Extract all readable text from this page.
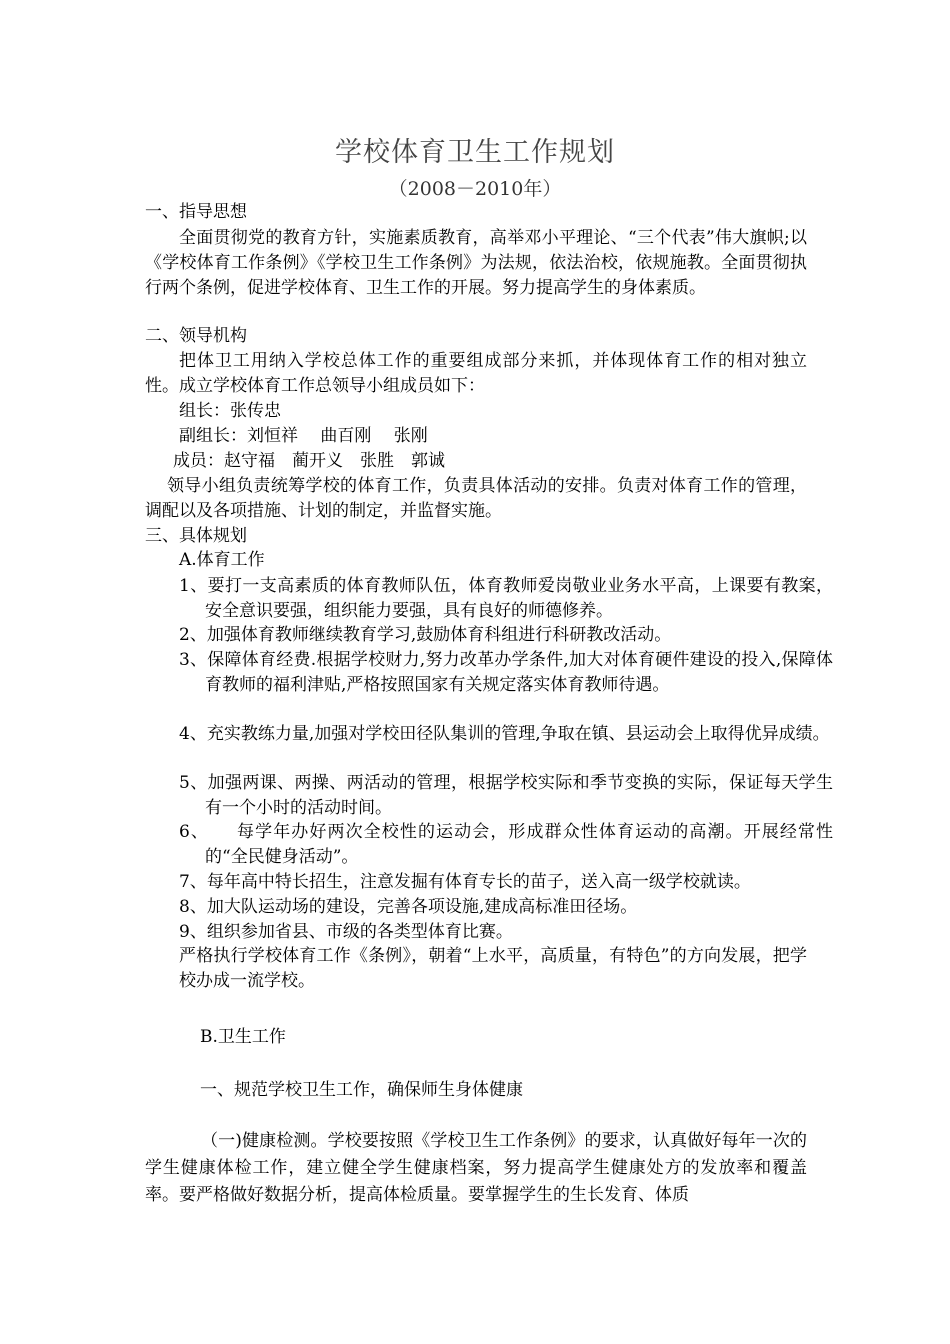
学校体育卫生工作规划
（2008－2010年）
一、指导思想
全面贯彻党的教育方针，实施素质教育，高举邓小平理论、“三个代表”伟大旗帜;以《学校体育工作条例》《学校卫生工作条例》为法规，依法治校，依规施教。全面贯彻执行两个条例，促进学校体育、卫生工作的开展。努力提高学生的身体素质。
二、领导机构
把体卫工用纳入学校总体工作的重要组成部分来抓，并体现体育工作的相对独立性。成立学校体育工作总领导小组成员如下：
组长：张传忠
副组长：刘恒祥　 曲百刚　 张刚
成员：赵守福　蔺开义　张胜　郭诚
领导小组负责统筹学校的体育工作，负责具体活动的安排。负责对体育工作的管理，调配以及各项措施、计划的制定，并监督实施。
三、具体规划
A.体育工作
1、要打一支高素质的体育教师队伍，体育教师爱岗敬业业务水平高，上课要有教案，安全意识要强，组织能力要强，具有良好的师德修养。
2、加强体育教师继续教育学习,鼓励体育科组进行科研教改活动。
3、保障体育经费.根据学校财力,努力改革办学条件,加大对体育硬件建设的投入,保障体育教师的福利津贴,严格按照国家有关规定落实体育教师待遇。
4、充实教练力量,加强对学校田径队集训的管理,争取在镇、县运动会上取得优异成绩。
5、加强两课、两操、两活动的管理，根据学校实际和季节变换的实际，保证每天学生有一个小时的活动时间。
6、 每学年办好两次全校性的运动会，形成群众性体育运动的高潮。开展经常性的“全民健身活动”。
7、每年高中特长招生，注意发掘有体育专长的苗子，送入高一级学校就读。
8、加大队运动场的建设，完善各项设施,建成高标准田径场。
9、组织参加省县、市级的各类型体育比赛。
严格执行学校体育工作《条例》，朝着“上水平，高质量，有特色”的方向发展，把学校办成一流学校。
B.卫生工作
一、规范学校卫生工作，确保师生身体健康
（一)健康检测。学校要按照《学校卫生工作条例》的要求，认真做好每年一次的学生健康体检工作，建立健全学生健康档案，努力提高学生健康处方的发放率和覆盖率。要严格做好数据分析，提高体检质量。要掌握学生的生长发育、体质
